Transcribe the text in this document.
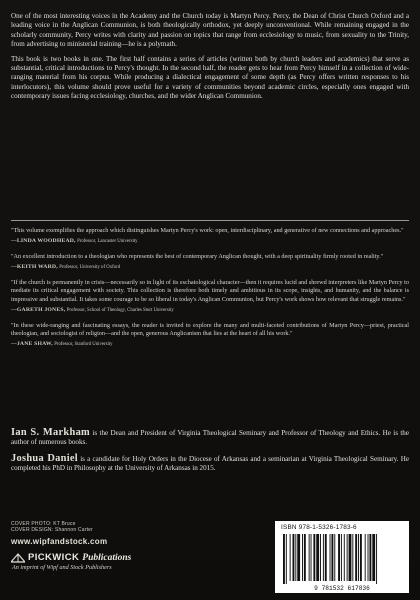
One of the most interesting voices in the Academy and the Church today is Martyn Percy. Percy, the Dean of Christ Church Oxford and a leading voice in the Anglican Communion, is both theologically orthodox, yet deeply unconventional. While remaining engaged in the scholarly community, Percy writes with clarity and passion on topics that range from ecclesiology to music, from sexuality to the Trinity, from advertising to ministerial training—he is a polymath.

This book is two books in one. The first half contains a series of articles (written both by church leaders and academics) that serve as substantial, critical introductions to Percy's thought. In the second half, the reader gets to hear from Percy himself in a collection of wide-ranging material from his corpus. While producing a dialectical engagement of some depth (as Percy offers written responses to his interlocutors), this volume should prove useful for a variety of communities beyond academic circles, especially ones engaged with contemporary issues facing ecclesiology, churches, and the wider Anglican Communion.

"This volume exemplifies the approach which distinguishes Martyn Percy's work: open, interdisciplinary, and generative of new connections and approaches."

—LINDA WOODHEAD, Professor, Lancaster University

"An excellent introduction to a theologian who represents the best of contemporary Anglican thought, with a deep spirituality firmly rooted in reality."

—KEITH WARD, Professor, University of Oxford

"If the church is permanently in crisis—necessarily so in light of its eschatological character—then it requires lucid and shrewd interpreters like Martyn Percy to mediate its critical engagement with society. This collection is therefore both timely and ambitious in its scope, insights, and humanity, and the balance is impressive and substantial. It takes some courage to be so liberal in today's Anglican Communion, but Percy's work shows how relevant that struggle remains."

—GARETH JONES, Professor, School of Theology, Charles Sturt University

"In these wide-ranging and fascinating essays, the reader is invited to explore the many and multi-faceted contributions of Martyn Percy—priest, practical theologian, and sociologist of religion—and the open, generous Anglicanism that lies at the heart of all his work."

—JANE SHAW, Professor, Stanford University

Ian S. Markham is the Dean and President of Virginia Theological Seminary and Professor of Theology and Ethics. He is the author of numerous books.

Joshua Daniel is a candidate for Holy Orders in the Diocese of Arkansas and a seminarian at Virginia Theological Seminary. He completed his PhD in Philosophy at the University of Arkansas in 2015.

COVER PHOTO: KT Bruce
COVER DESIGN: Shannon Carter
www.wipfandstock.com
PICKWICK Publications
An imprint of Wipf and Stock Publishers
ISBN 978-1-5326-1783-6
9 781532 617836
